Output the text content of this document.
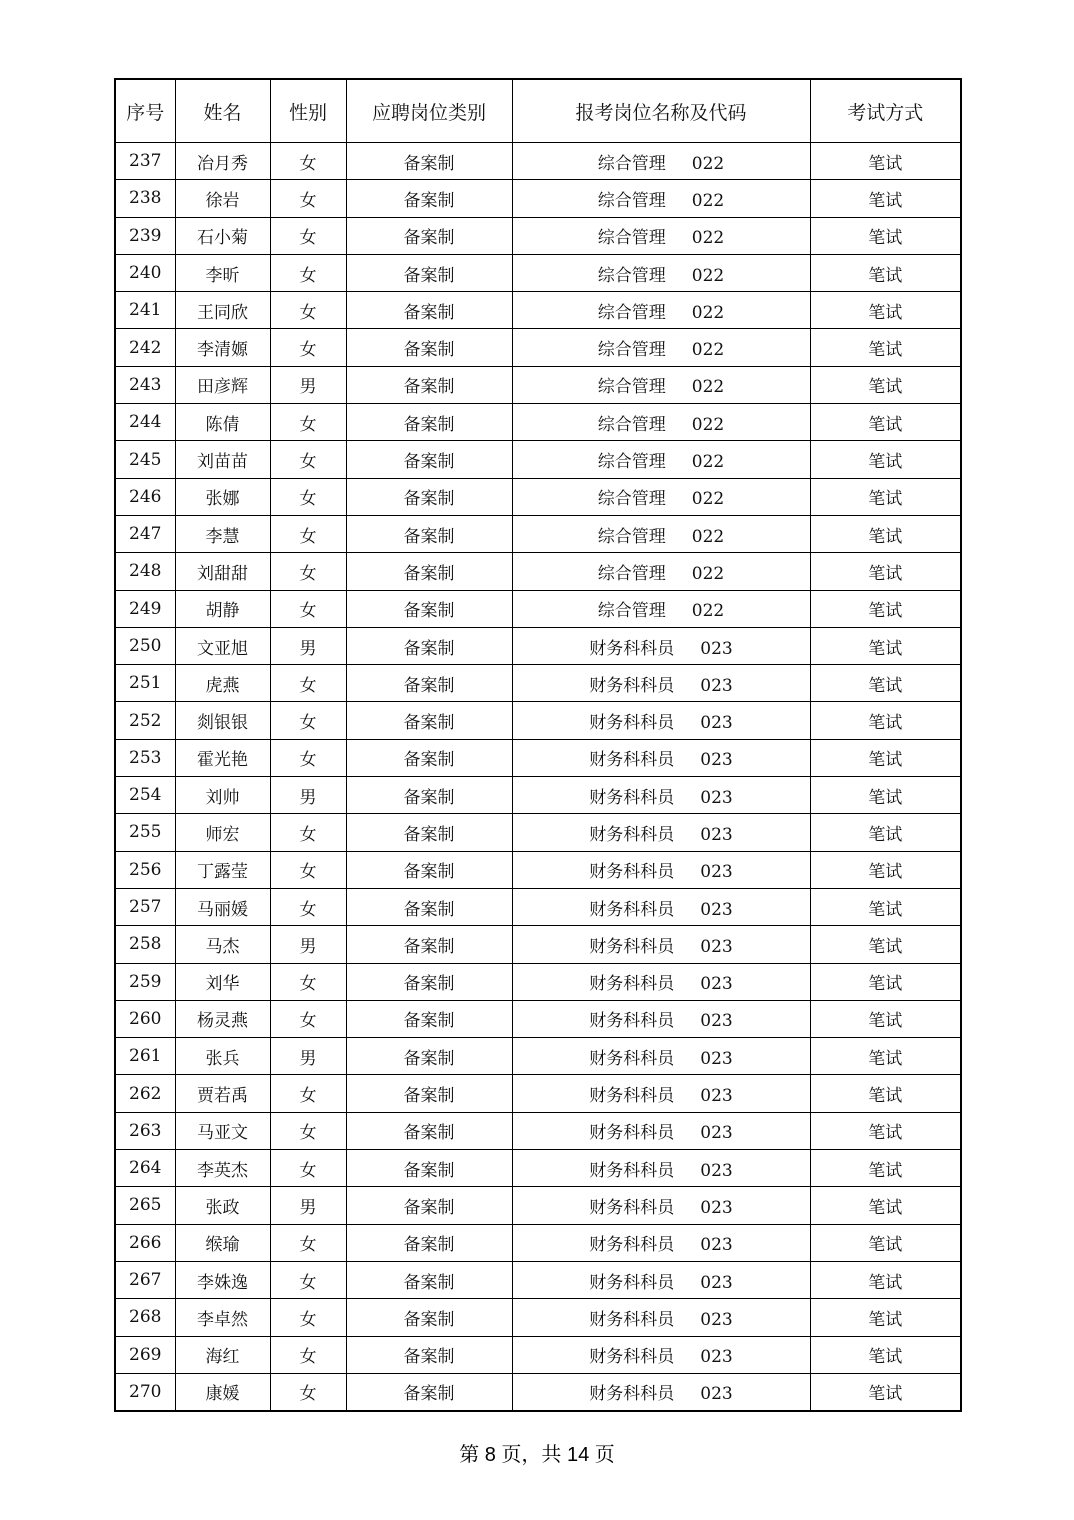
序号	姓名	性别	应聘岗位类别	报考岗位名称及代码	考试方式
237	冶月秀	女	备案制	综合管理 022	笔试
238	徐岩	女	备案制	综合管理 022	笔试
239	石小菊	女	备案制	综合管理 022	笔试
240	李昕	女	备案制	综合管理 022	笔试
241	王同欣	女	备案制	综合管理 022	笔试
242	李清嫄	女	备案制	综合管理 022	笔试
243	田彦辉	男	备案制	综合管理 022	笔试
244	陈倩	女	备案制	综合管理 022	笔试
245	刘苗苗	女	备案制	综合管理 022	笔试
246	张娜	女	备案制	综合管理 022	笔试
247	李慧	女	备案制	综合管理 022	笔试
248	刘甜甜	女	备案制	综合管理 022	笔试
249	胡静	女	备案制	综合管理 022	笔试
250	文亚旭	男	备案制	财务科科员 023	笔试
251	虎燕	女	备案制	财务科科员 023	笔试
252	剡银银	女	备案制	财务科科员 023	笔试
253	霍光艳	女	备案制	财务科科员 023	笔试
254	刘帅	男	备案制	财务科科员 023	笔试
255	师宏	女	备案制	财务科科员 023	笔试
256	丁露莹	女	备案制	财务科科员 023	笔试
257	马丽媛	女	备案制	财务科科员 023	笔试
258	马杰	男	备案制	财务科科员 023	笔试
259	刘华	女	备案制	财务科科员 023	笔试
260	杨灵燕	女	备案制	财务科科员 023	笔试
261	张兵	男	备案制	财务科科员 023	笔试
262	贾若禹	女	备案制	财务科科员 023	笔试
263	马亚文	女	备案制	财务科科员 023	笔试
264	李英杰	女	备案制	财务科科员 023	笔试
265	张政	男	备案制	财务科科员 023	笔试
266	缑瑜	女	备案制	财务科科员 023	笔试
267	李姝逸	女	备案制	财务科科员 023	笔试
268	李卓然	女	备案制	财务科科员 023	笔试
269	海红	女	备案制	财务科科员 023	笔试
270	康媛	女	备案制	财务科科员 023	笔试
第 8 页，共 14 页
